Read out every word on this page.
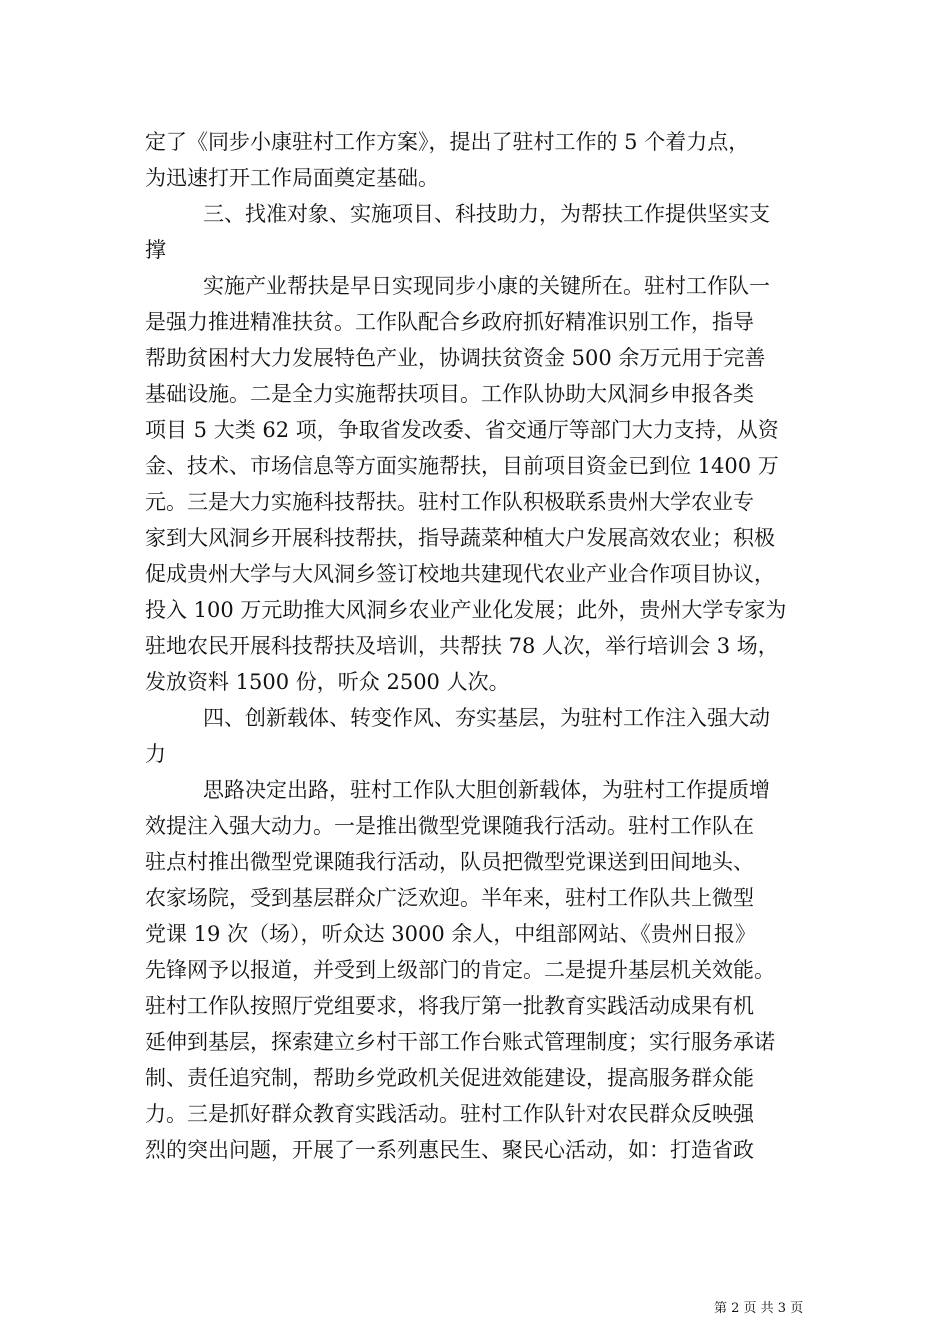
定了《同步小康驻村工作方案》，提出了驻村工作的 5 个着力点，
为迅速打开工作局面奠定基础。
三、找准对象、实施项目、科技助力，为帮扶工作提供坚实支
撑
实施产业帮扶是早日实现同步小康的关键所在。驻村工作队一
是强力推进精准扶贫。工作队配合乡政府抓好精准识别工作，指导
帮助贫困村大力发展特色产业，协调扶贫资金 500 余万元用于完善
基础设施。二是全力实施帮扶项目。工作队协助大风洞乡申报各类
项目 5 大类 62 项，争取省发改委、省交通厅等部门大力支持，从资
金、技术、市场信息等方面实施帮扶，目前项目资金已到位 1400 万
元。三是大力实施科技帮扶。驻村工作队积极联系贵州大学农业专
家到大风洞乡开展科技帮扶，指导蔬菜种植大户发展高效农业；积极
促成贵州大学与大风洞乡签订校地共建现代农业产业合作项目协议，
投入 100 万元助推大风洞乡农业产业化发展；此外，贵州大学专家为
驻地农民开展科技帮扶及培训，共帮扶 78 人次，举行培训会 3 场，
发放资料 1500 份，听众 2500 人次。
四、创新载体、转变作风、夯实基层，为驻村工作注入强大动
力
思路决定出路，驻村工作队大胆创新载体，为驻村工作提质增
效提注入强大动力。一是推出微型党课随我行活动。驻村工作队在
驻点村推出微型党课随我行活动，队员把微型党课送到田间地头、
农家场院，受到基层群众广泛欢迎。半年来，驻村工作队共上微型
党课 19 次（场），听众达 3000 余人，中组部网站、《贵州日报》
先锋网予以报道，并受到上级部门的肯定。二是提升基层机关效能。
驻村工作队按照厅党组要求，将我厅第一批教育实践活动成果有机
延伸到基层，探索建立乡村干部工作台账式管理制度；实行服务承诺
制、责任追究制，帮助乡党政机关促进效能建设，提高服务群众能
力。三是抓好群众教育实践活动。驻村工作队针对农民群众反映强
烈的突出问题，开展了一系列惠民生、聚民心活动，如：打造省政
第 2 页 共 3 页
